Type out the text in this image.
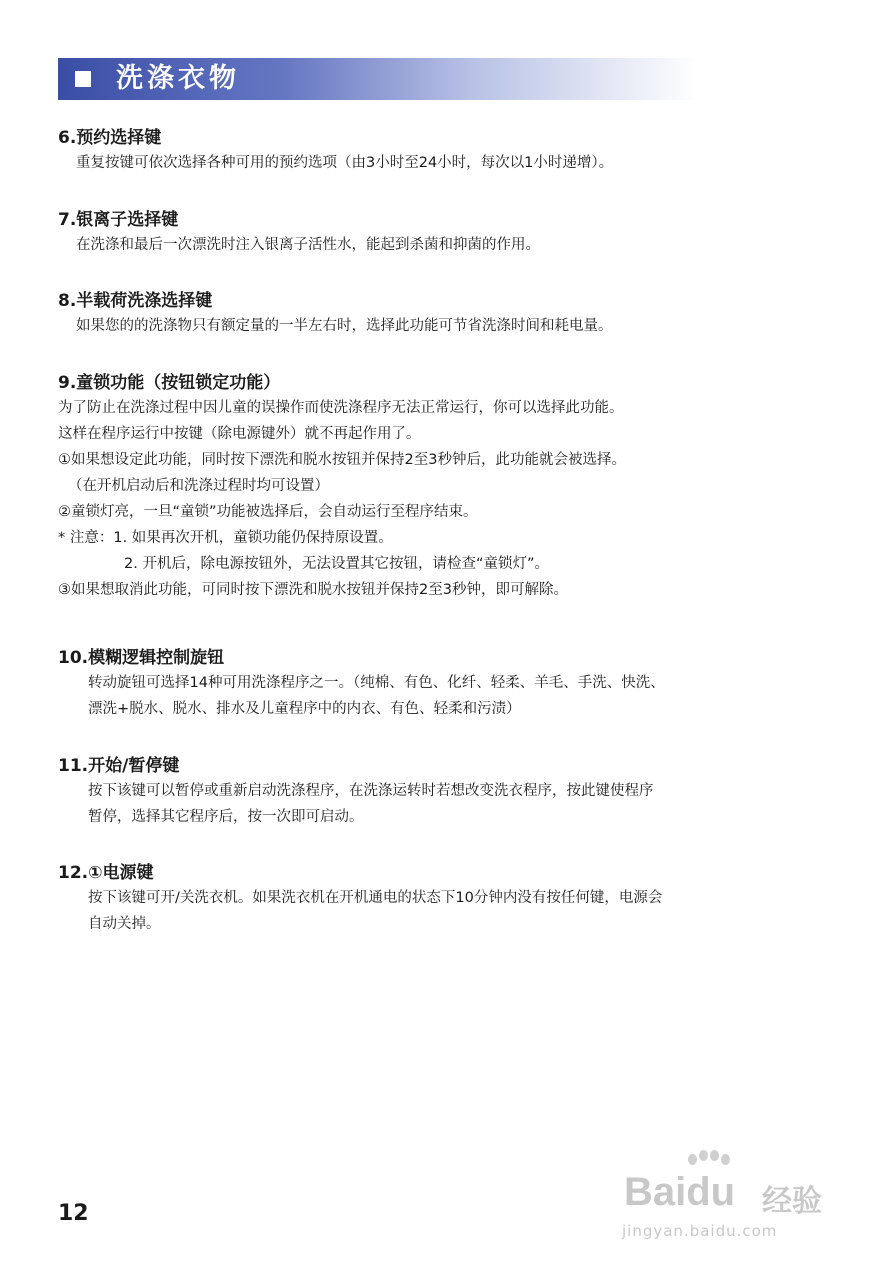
洗涤衣物
6.预约选择键
重复按键可依次选择各种可用的预约选项（由3小时至24小时，每次以1小时递增）。
7.银离子选择键
在洗涤和最后一次漂洗时注入银离子活性水，能起到杀菌和抑菌的作用。
8.半载荷洗涤选择键
如果您的的洗涤物只有额定量的一半左右时，选择此功能可节省洗涤时间和耗电量。
9.童锁功能（按钮锁定功能）
为了防止在洗涤过程中因儿童的误操作而使洗涤程序无法正常运行，你可以选择此功能。
这样在程序运行中按键（除电源键外）就不再起作用了。
①如果想设定此功能，同时按下漂洗和脱水按钮并保持2至3秒钟后，此功能就会被选择。
（在开机启动后和洗涤过程时均可设置）
②童锁灯亮，一旦“童锁”功能被选择后，会自动运行至程序结束。
* 注意：1. 如果再次开机，童锁功能仍保持原设置。
2. 开机后，除电源按钮外，无法设置其它按钮，请检查“童锁灯”。
③如果想取消此功能，可同时按下漂洗和脱水按钮并保持2至3秒钟，即可解除。
10.模糊逻辑控制旋钮
转动旋钮可选择14种可用洗涤程序之一。（纯棉、有色、化纤、轻柔、羊毛、手洗、快洗、
漂洗+脱水、脱水、排水及儿童程序中的内衣、有色、轻柔和污渍）
11.开始/暂停键
按下该键可以暂停或重新启动洗涤程序，在洗涤运转时若想改变洗衣程序，按此键使程序
暂停，选择其它程序后，按一次即可启动。
12.①电源键
按下该键可开/关洗衣机。如果洗衣机在开机通电的状态下10分钟内没有按任何键，电源会
自动关掉。
12	Baidu 经验
jingyan.baidu.com
